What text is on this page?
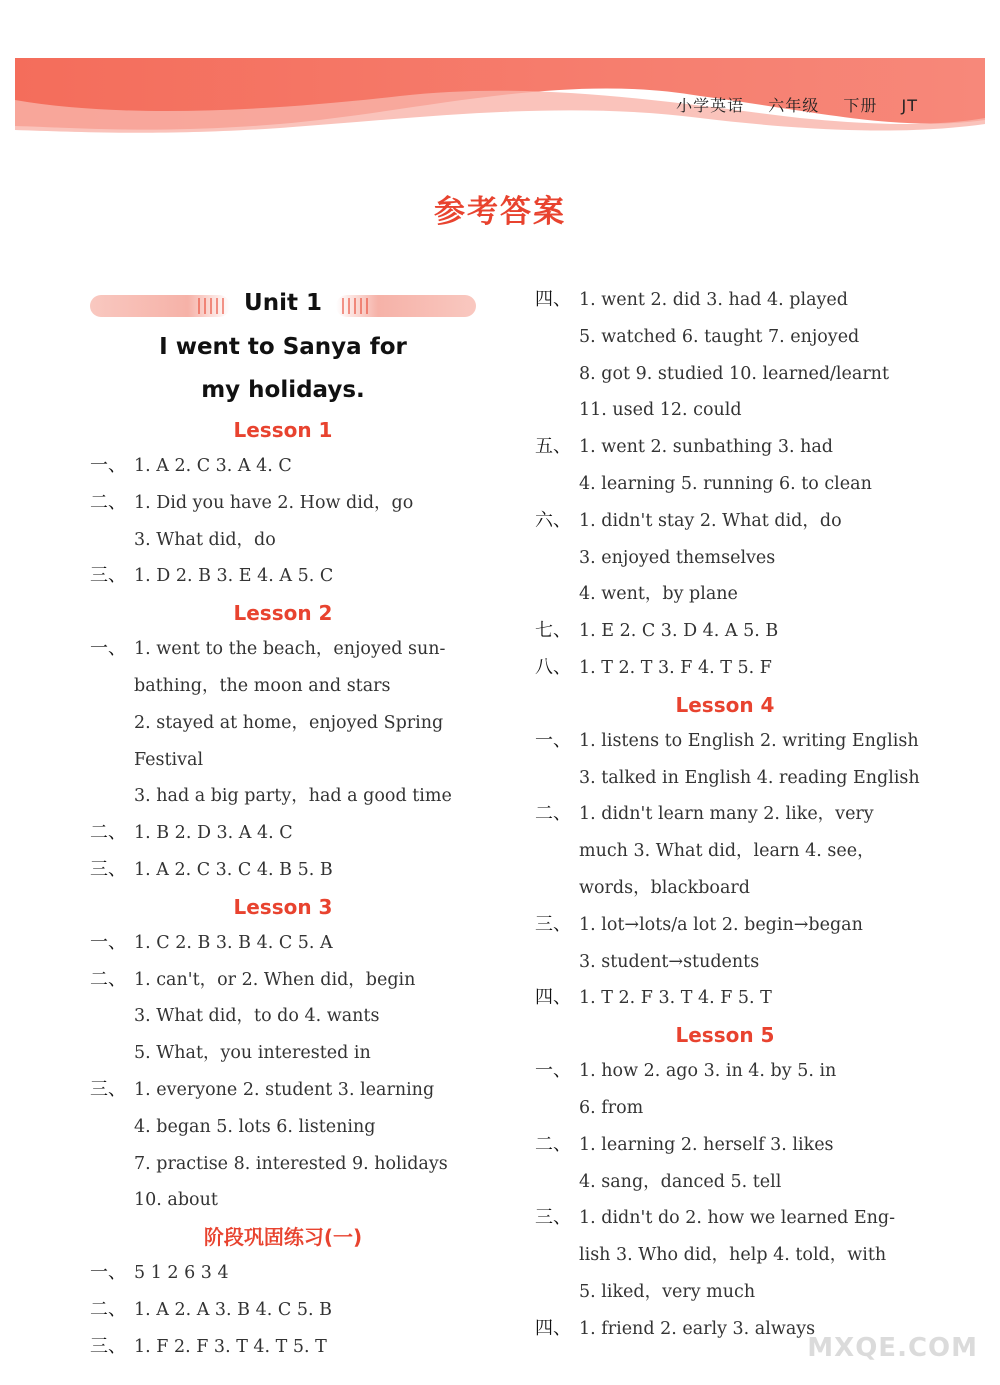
小学英语 六年级 下册 JT
参考答案
Unit 1
I went to Sanya for
my holidays.
Lesson 1
一、 1. A 2. C 3. A 4. C
二、 1. Did you have 2. How did，go
3. What did，do
三、 1. D 2. B 3. E 4. A 5. C
Lesson 2
一、 1. went to the beach，enjoyed sun-
bathing，the moon and stars
2. stayed at home，enjoyed Spring
Festival
3. had a big party，had a good time
二、 1. B 2. D 3. A 4. C
三、 1. A 2. C 3. C 4. B 5. B
Lesson 3
一、 1. C 2. B 3. B 4. C 5. A
二、 1. can't，or 2. When did，begin
3. What did，to do 4. wants
5. What，you interested in
三、 1. everyone 2. student 3. learning
4. began 5. lots 6. listening
7. practise 8. interested 9. holidays
10. about
阶段巩固练习(一)
一、 5 1 2 6 3 4
二、 1. A 2. A 3. B 4. C 5. B
三、 1. F 2. F 3. T 4. T 5. T
四、 1. went 2. did 3. had 4. played
5. watched 6. taught 7. enjoyed
8. got 9. studied 10. learned/learnt
11. used 12. could
五、 1. went 2. sunbathing 3. had
4. learning 5. running 6. to clean
六、 1. didn't stay 2. What did，do
3. enjoyed themselves
4. went，by plane
七、 1. E 2. C 3. D 4. A 5. B
八、 1. T 2. T 3. F 4. T 5. F
Lesson 4
一、 1. listens to English 2. writing English
3. talked in English 4. reading English
二、 1. didn't learn many 2. like，very
much 3. What did，learn 4. see，
words，blackboard
三、 1. lot→lots/a lot 2. begin→began
3. student→students
四、 1. T 2. F 3. T 4. F 5. T
Lesson 5
一、 1. how 2. ago 3. in 4. by 5. in
6. from
二、 1. learning 2. herself 3. likes
4. sang，danced 5. tell
三、 1. didn't do 2. how we learned Eng-
lish 3. Who did，help 4. told，with
5. liked，very much
四、 1. friend 2. early 3. always
MXQE.COM
